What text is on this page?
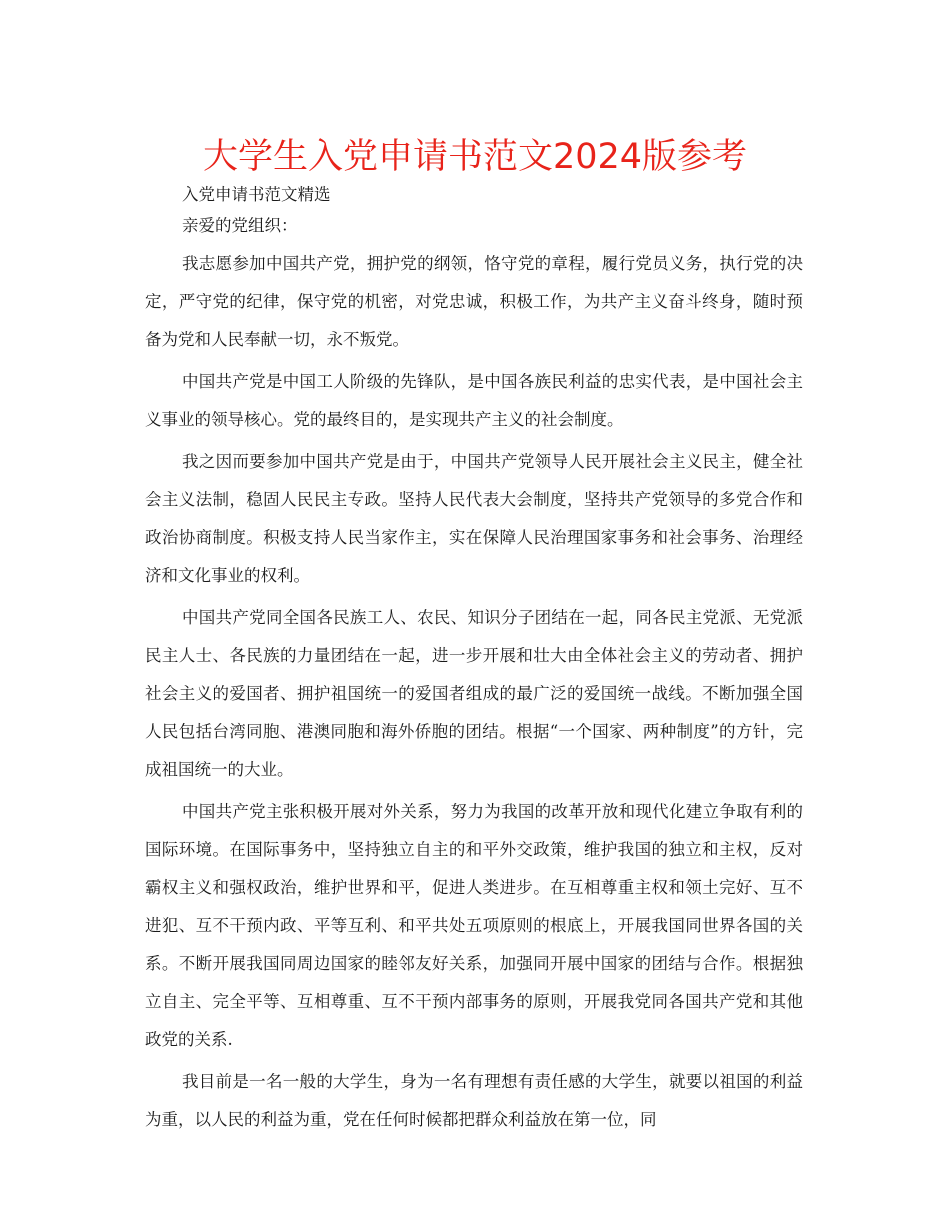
大学生入党申请书范文2024版参考

入党申请书范文精选

亲爱的党组织：

我志愿参加中国共产党，拥护党的纲领，恪守党的章程，履行党员义务，执行党的决定，严守党的纪律，保守党的机密，对党忠诚，积极工作，为共产主义奋斗终身，随时预备为党和人民奉献一切，永不叛党。

中国共产党是中国工人阶级的先锋队，是中国各族民利益的忠实代表，是中国社会主义事业的领导核心。党的最终目的，是实现共产主义的社会制度。

我之因而要参加中国共产党是由于，中国共产党领导人民开展社会主义民主，健全社会主义法制，稳固人民民主专政。坚持人民代表大会制度，坚持共产党领导的多党合作和政治协商制度。积极支持人民当家作主，实在保障人民治理国家事务和社会事务、治理经济和文化事业的权利。

中国共产党同全国各民族工人、农民、知识分子团结在一起，同各民主党派、无党派民主人士、各民族的力量团结在一起，进一步开展和壮大由全体社会主义的劳动者、拥护社会主义的爱国者、拥护祖国统一的爱国者组成的最广泛的爱国统一战线。不断加强全国人民包括台湾同胞、港澳同胞和海外侨胞的团结。根据“一个国家、两种制度”的方针，完成祖国统一的大业。

中国共产党主张积极开展对外关系，努力为我国的改革开放和现代化建立争取有利的国际环境。在国际事务中，坚持独立自主的和平外交政策，维护我国的独立和主权，反对霸权主义和强权政治，维护世界和平，促进人类进步。在互相尊重主权和领土完好、互不进犯、互不干预内政、平等互利、和平共处五项原则的根底上，开展我国同世界各国的关系。不断开展我国同周边国家的睦邻友好关系，加强同开展中国家的团结与合作。根据独立自主、完全平等、互相尊重、互不干预内部事务的原则，开展我党同各国共产党和其他政党的关系.

我目前是一名一般的大学生，身为一名有理想有责任感的大学生，就要以祖国的利益为重，以人民的利益为重，党在任何时候都把群众利益放在第一位，同
